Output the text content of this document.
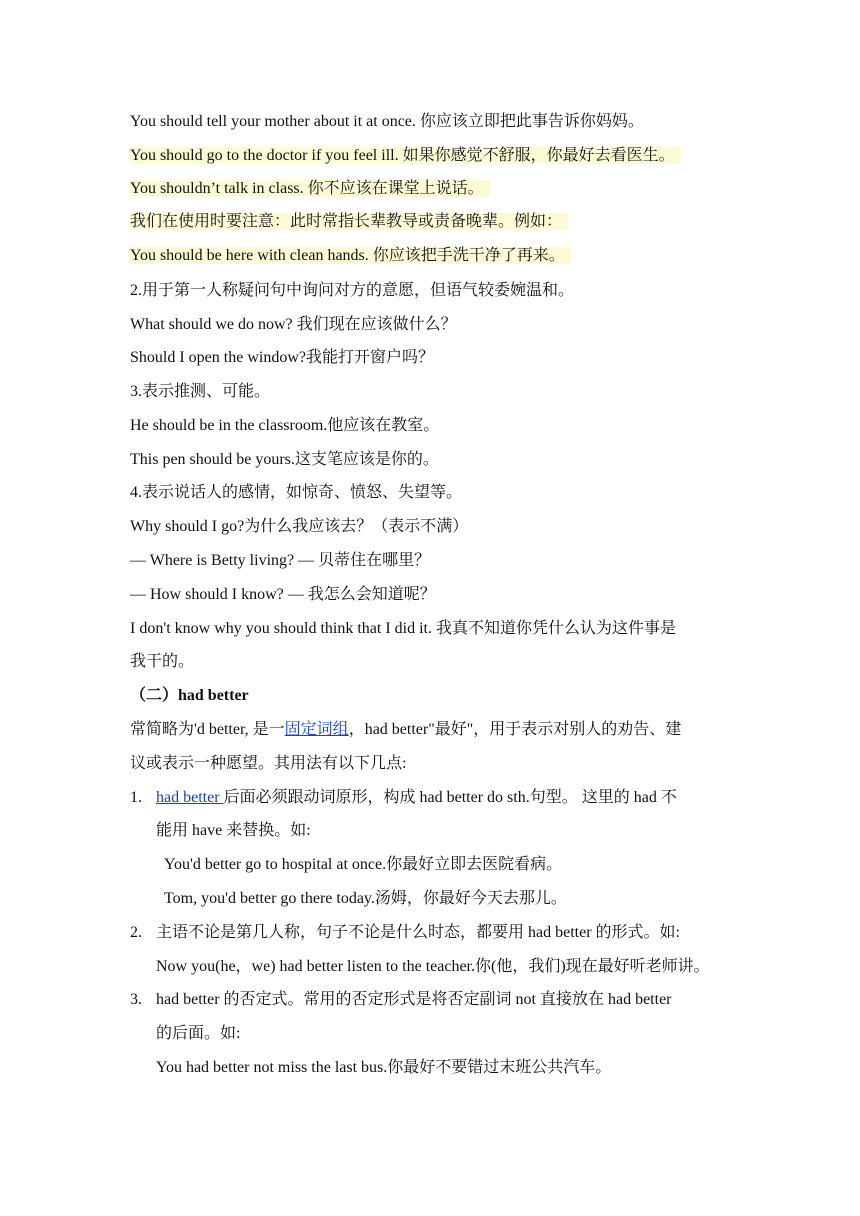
You should tell your mother about it at once. 你应该立即把此事告诉你妈妈。
You should go to the doctor if you feel ill. 如果你感觉不舒服，你最好去看医生。
You shouldn’t talk in class. 你不应该在课堂上说话。
我们在使用时要注意：此时常指长辈教导或责备晚辈。例如：
You should be here with clean hands. 你应该把手洗干净了再来。
2.用于第一人称疑问句中询问对方的意愿，但语气较委婉温和。
What should we do now? 我们现在应该做什么？
Should I open the window?我能打开窗户吗？
3.表示推测、可能。
He should be in the classroom.他应该在教室。
This pen should be yours.这支笔应该是你的。
4.表示说话人的感情，如惊奇、愤怒、失望等。
Why should I go?为什么我应该去？（表示不满）
— Where is Betty living? — 贝蒂住在哪里？
— How should I know? — 我怎么会知道呢？
I don't know why you should think that I did it. 我真不知道你凭什么认为这件事是
我干的。
（二）had better
常简略为'd better, 是一固定词组，had better"最好"，用于表示对别人的劝告、建
议或表示一种愿望。其用法有以下几点:
1. had better 后面必须跟动词原形，构成 had better do sth.句型。 这里的 had 不
能用 have 来替换。如:
You'd better go to hospital at once.你最好立即去医院看病。
Tom, you'd better go there today.汤姆，你最好今天去那儿。
2. 主语不论是第几人称，句子不论是什么时态，都要用 had better 的形式。如:
Now you(he，we) had better listen to the teacher.你(他，我们)现在最好听老师讲。
3. had better 的否定式。常用的否定形式是将否定副词 not 直接放在 had better
的后面。如:
You had better not miss the last bus.你最好不要错过末班公共汽车。
